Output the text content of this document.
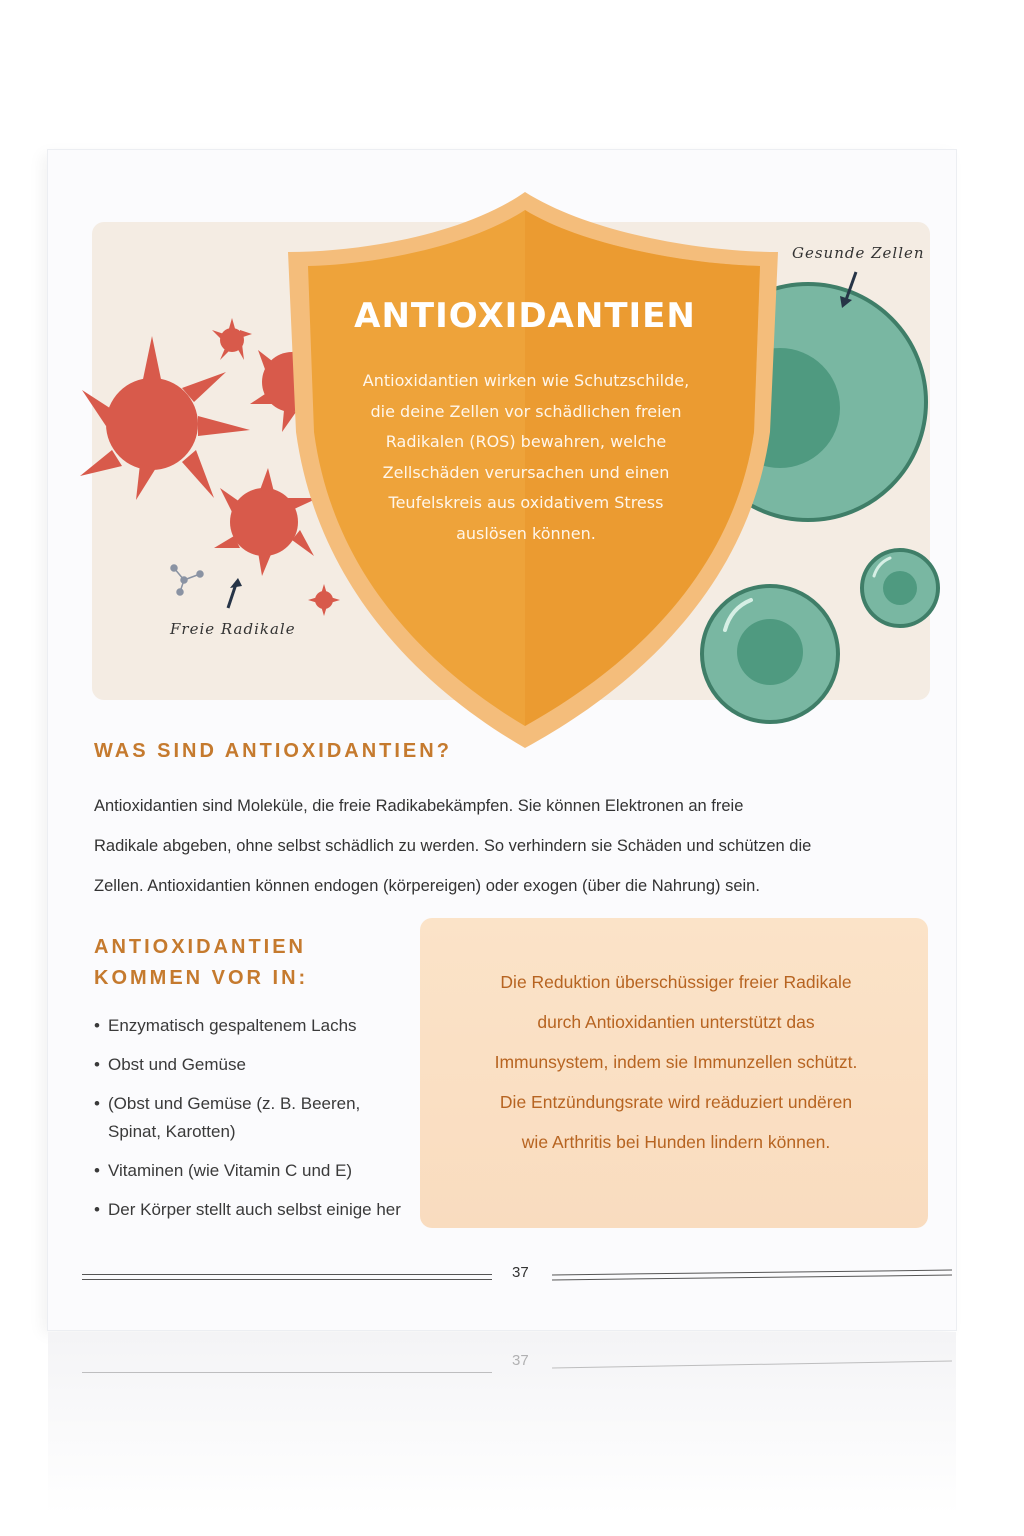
ANTIOXIDANTIEN
Antioxidantien wirken wie Schutzschilde, die deine Zellen vor schädlichen freien Radikalen (ROS) bewahren, welche Zellschäden verursachen und einen Teufelskreis aus oxidativem Stress auslösen können.
Gesunde Zellen
Freie Radikale
WAS SIND ANTIOXIDANTIEN?
Antioxidantien sind Moleküle, die freie Radikabekämpfen. Sie können Elektronen an freie
Radikale abgeben, ohne selbst schädlich zu werden. So verhindern sie Schäden und schützen die
Zellen. Antioxidantien können endogen (körpereigen) oder exogen (über die Nahrung) sein.
ANTIOXIDANTIEN
KOMMEN VOR IN:
• Enzymatisch gespaltenem Lachs
• Obst und Gemüse
• (Obst und Gemüse (z. B. Beeren, Spinat, Karotten)
• Vitaminen (wie Vitamin C und E)
• Der Körper stellt auch selbst einige her
Die Reduktion überschüssiger freier Radikale
durch Antioxidantien unterstützt das
Immunsystem, indem sie Immunzellen schützt.
Die Entzündungsrate wird reäduziert undëren
wie Arthritis bei Hunden lindern können.
37
37
